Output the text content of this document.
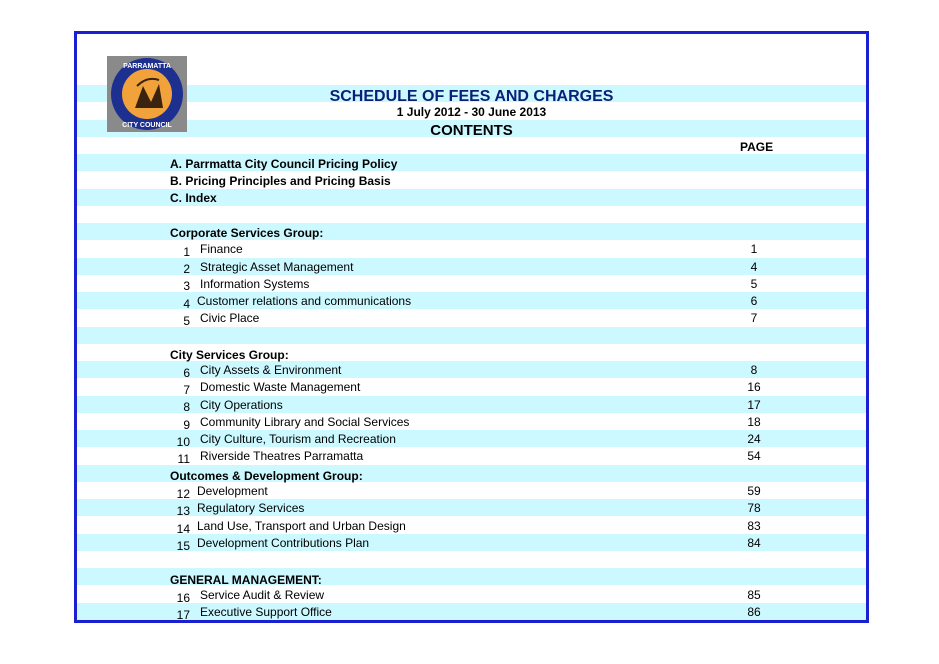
PARRAMATTA
CITY COUNCIL
SCHEDULE OF FEES AND CHARGES
1 July 2012 - 30 June 2013
CONTENTS
PAGE
A. Parrmatta City Council Pricing Policy
B. Pricing Principles and Pricing Basis
C. Index
Corporate Services Group:
1 Finance	1
2 Strategic Asset Management	4
3 Information Systems	5
4 Customer relations and communications	6
5 Civic Place	7
City Services Group:
6 City Assets & Environment	8
7 Domestic Waste Management	16
8 City Operations	17
9 Community Library and Social Services	18
10 City Culture, Tourism and Recreation	24
11 Riverside Theatres Parramatta	54
Outcomes & Development Group:
12 Development	59
13 Regulatory Services	78
14 Land Use, Transport and Urban Design	83
15 Development Contributions Plan	84
GENERAL MANAGEMENT:
16 Service Audit & Review	85
17 Executive Support Office	86
